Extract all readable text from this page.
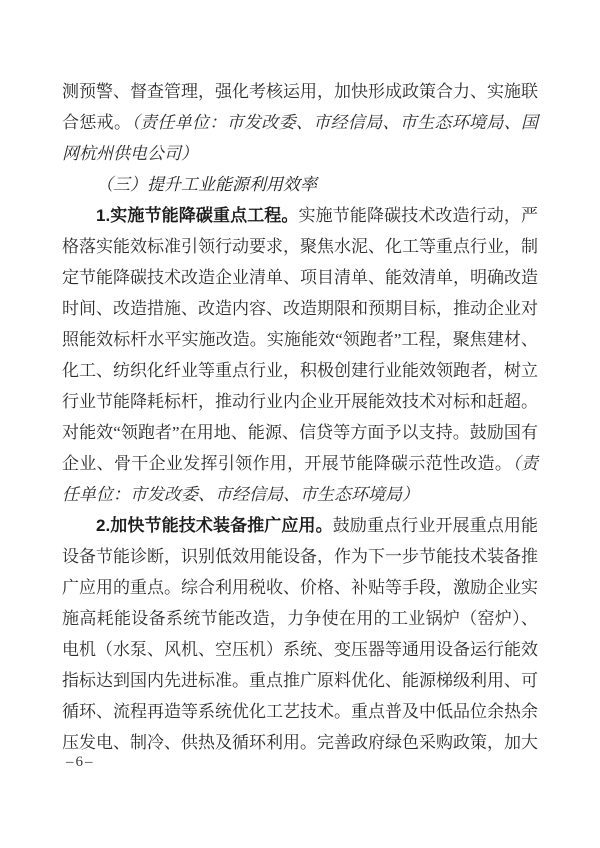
测预警、督查管理，强化考核运用，加快形成政策合力、实施联合惩戒。（责任单位：市发改委、市经信局、市生态环境局、国网杭州供电公司）

（三）提升工业能源利用效率

1.实施节能降碳重点工程。实施节能降碳技术改造行动，严格落实能效标准引领行动要求，聚焦水泥、化工等重点行业，制定节能降碳技术改造企业清单、项目清单、能效清单，明确改造时间、改造措施、改造内容、改造期限和预期目标，推动企业对照能效标杆水平实施改造。实施能效“领跑者”工程，聚焦建材、化工、纺织化纤业等重点行业，积极创建行业能效领跑者，树立行业节能降耗标杆，推动行业内企业开展能效技术对标和赶超。对能效“领跑者”在用地、能源、信贷等方面予以支持。鼓励国有企业、骨干企业发挥引领作用，开展节能降碳示范性改造。（责任单位：市发改委、市经信局、市生态环境局）

2.加快节能技术装备推广应用。鼓励重点行业开展重点用能设备节能诊断，识别低效用能设备，作为下一步节能技术装备推广应用的重点。综合利用税收、价格、补贴等手段，激励企业实施高耗能设备系统节能改造，力争使在用的工业锅炉（窑炉）、电机（水泵、风机、空压机）系统、变压器等通用设备运行能效指标达到国内先进标准。重点推广原料优化、能源梯级利用、可循环、流程再造等系统优化工艺技术。重点普及中低品位余热余压发电、制冷、供热及循环利用。完善政府绿色采购政策，加大

–6–
